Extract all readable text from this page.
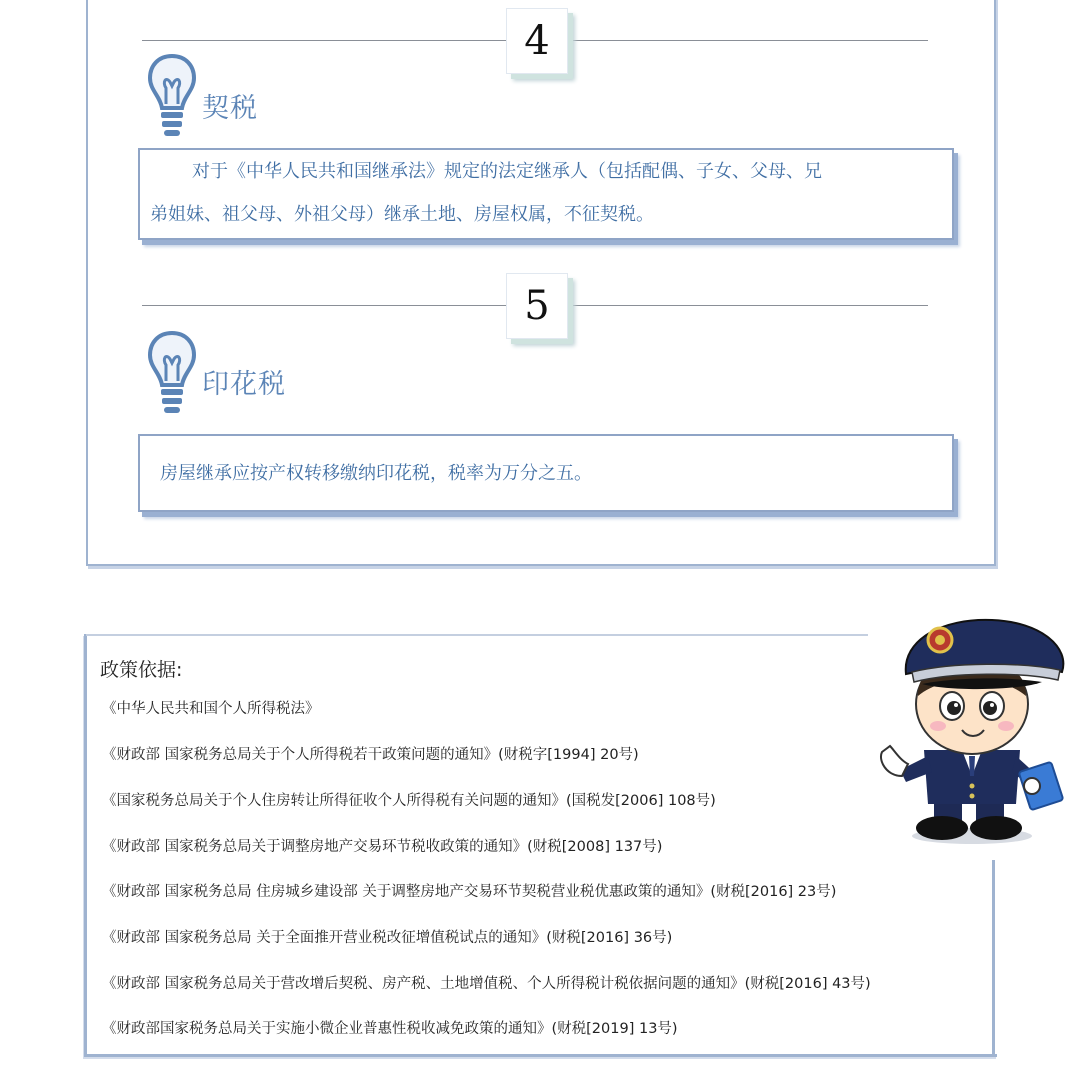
4
契税

对于《中华人民共和国继承法》规定的法定继承人（包括配偶、子女、父母、兄

弟姐妹、祖父母、外祖父母）继承土地、房屋权属，不征契税。

5
印花税

房屋继承应按产权转移缴纳印花税，税率为万分之五。

政策依据:
《中华人民共和国个人所得税法》
《财政部 国家税务总局关于个人所得税若干政策问题的通知》(财税字[1994] 20号)
《国家税务总局关于个人住房转让所得征收个人所得税有关问题的通知》(国税发[2006] 108号)
《财政部 国家税务总局关于调整房地产交易环节税收政策的通知》(财税[2008] 137号)
《财政部 国家税务总局 住房城乡建设部 关于调整房地产交易环节契税营业税优惠政策的通知》(财税[2016] 23号)
《财政部 国家税务总局 关于全面推开营业税改征增值税试点的通知》(财税[2016] 36号)
《财政部 国家税务总局关于营改增后契税、房产税、土地增值税、个人所得税计税依据问题的通知》(财税[2016] 43号)
《财政部国家税务总局关于实施小微企业普惠性税收减免政策的通知》(财税[2019] 13号)
